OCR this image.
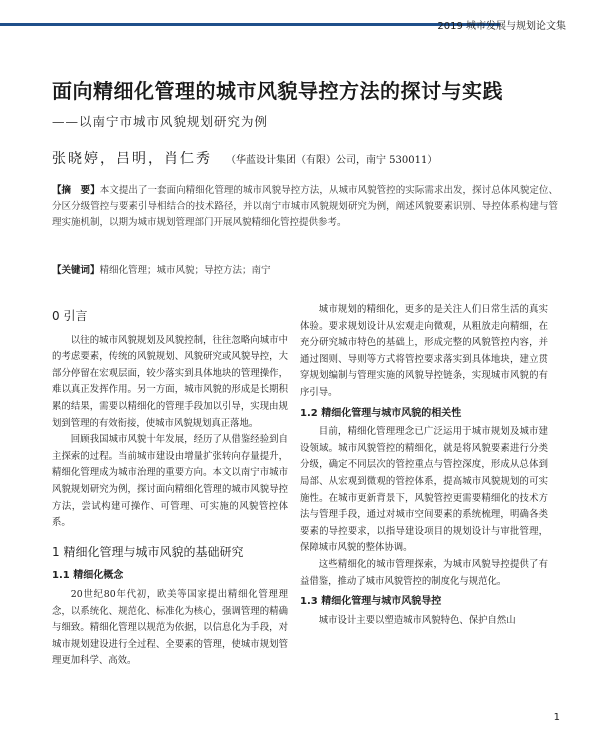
2019 城市发展与规划论文集
面向精细化管理的城市风貌导控方法的探讨与实践
——以南宁市城市风貌规划研究为例
张晓婷，吕明，肖仁秀 （华蓝设计集团（有限）公司，南宁 530011）
【摘　要】本文提出了一套面向精细化管理的城市风貌导控方法，从城市风貌管控的实际需求出发，探讨总体风貌定位、分区分级管控与要素引导相结合的技术路径，并以南宁市城市风貌规划研究为例，阐述风貌要素识别、导控体系构建与管理实施机制，以期为城市规划管理部门开展风貌精细化管控提供参考。
【关键词】精细化管理；城市风貌；导控方法；南宁
0 引言

以往的城市风貌规划及风貌控制，往往忽略向城市中的考虑要素，传统的风貌规划、风貌研究或风貌导控，大部分停留在宏观层面，较少落实到具体地块的管理操作，难以真正发挥作用。另一方面，城市风貌的形成是长期积累的结果，需要以精细化的管理手段加以引导，实现由规划到管理的有效衔接，使城市风貌规划真正落地。

回顾我国城市风貌十年发展，经历了从借鉴经验到自主探索的过程。当前城市建设由增量扩张转向存量提升，精细化管理成为城市治理的重要方向。本文以南宁市城市风貌规划研究为例，探讨面向精细化管理的城市风貌导控方法，尝试构建可操作、可管理、可实施的风貌管控体系。

1 精细化管理与城市风貌的基础研究
1.1 精细化概念

20世纪80年代初，欧美等国家提出精细化管理理念，以系统化、规范化、标准化为核心，强调管理的精确与细致。精细化管理以规范为依据，以信息化为手段，对城市规划建设进行全过程、全要素的管理，使城市规划管理更加科学、高效。

城市规划的精细化，更多的是关注人们日常生活的真实体验。要求规划设计从宏观走向微观，从粗放走向精细，在充分研究城市特色的基础上，形成完整的风貌管控内容，并通过图则、导则等方式将管控要求落实到具体地块，建立贯穿规划编制与管理实施的风貌导控链条，实现城市风貌的有序引导。

1.2 精细化管理与城市风貌的相关性

目前，精细化管理理念已广泛运用于城市规划及城市建设领域。城市风貌管控的精细化，就是将风貌要素进行分类分级，确定不同层次的管控重点与管控深度，形成从总体到局部、从宏观到微观的管控体系，提高城市风貌规划的可实施性。在城市更新背景下，风貌管控更需要精细化的技术方法与管理手段，通过对城市空间要素的系统梳理，明确各类要素的导控要求，以指导建设项目的规划设计与审批管理，保障城市风貌的整体协调。

这些精细化的城市管理探索，为城市风貌导控提供了有益借鉴，推动了城市风貌管控的制度化与规范化。

1.3 精细化管理与城市风貌导控

城市设计主要以塑造城市风貌特色、保护自然山

1
